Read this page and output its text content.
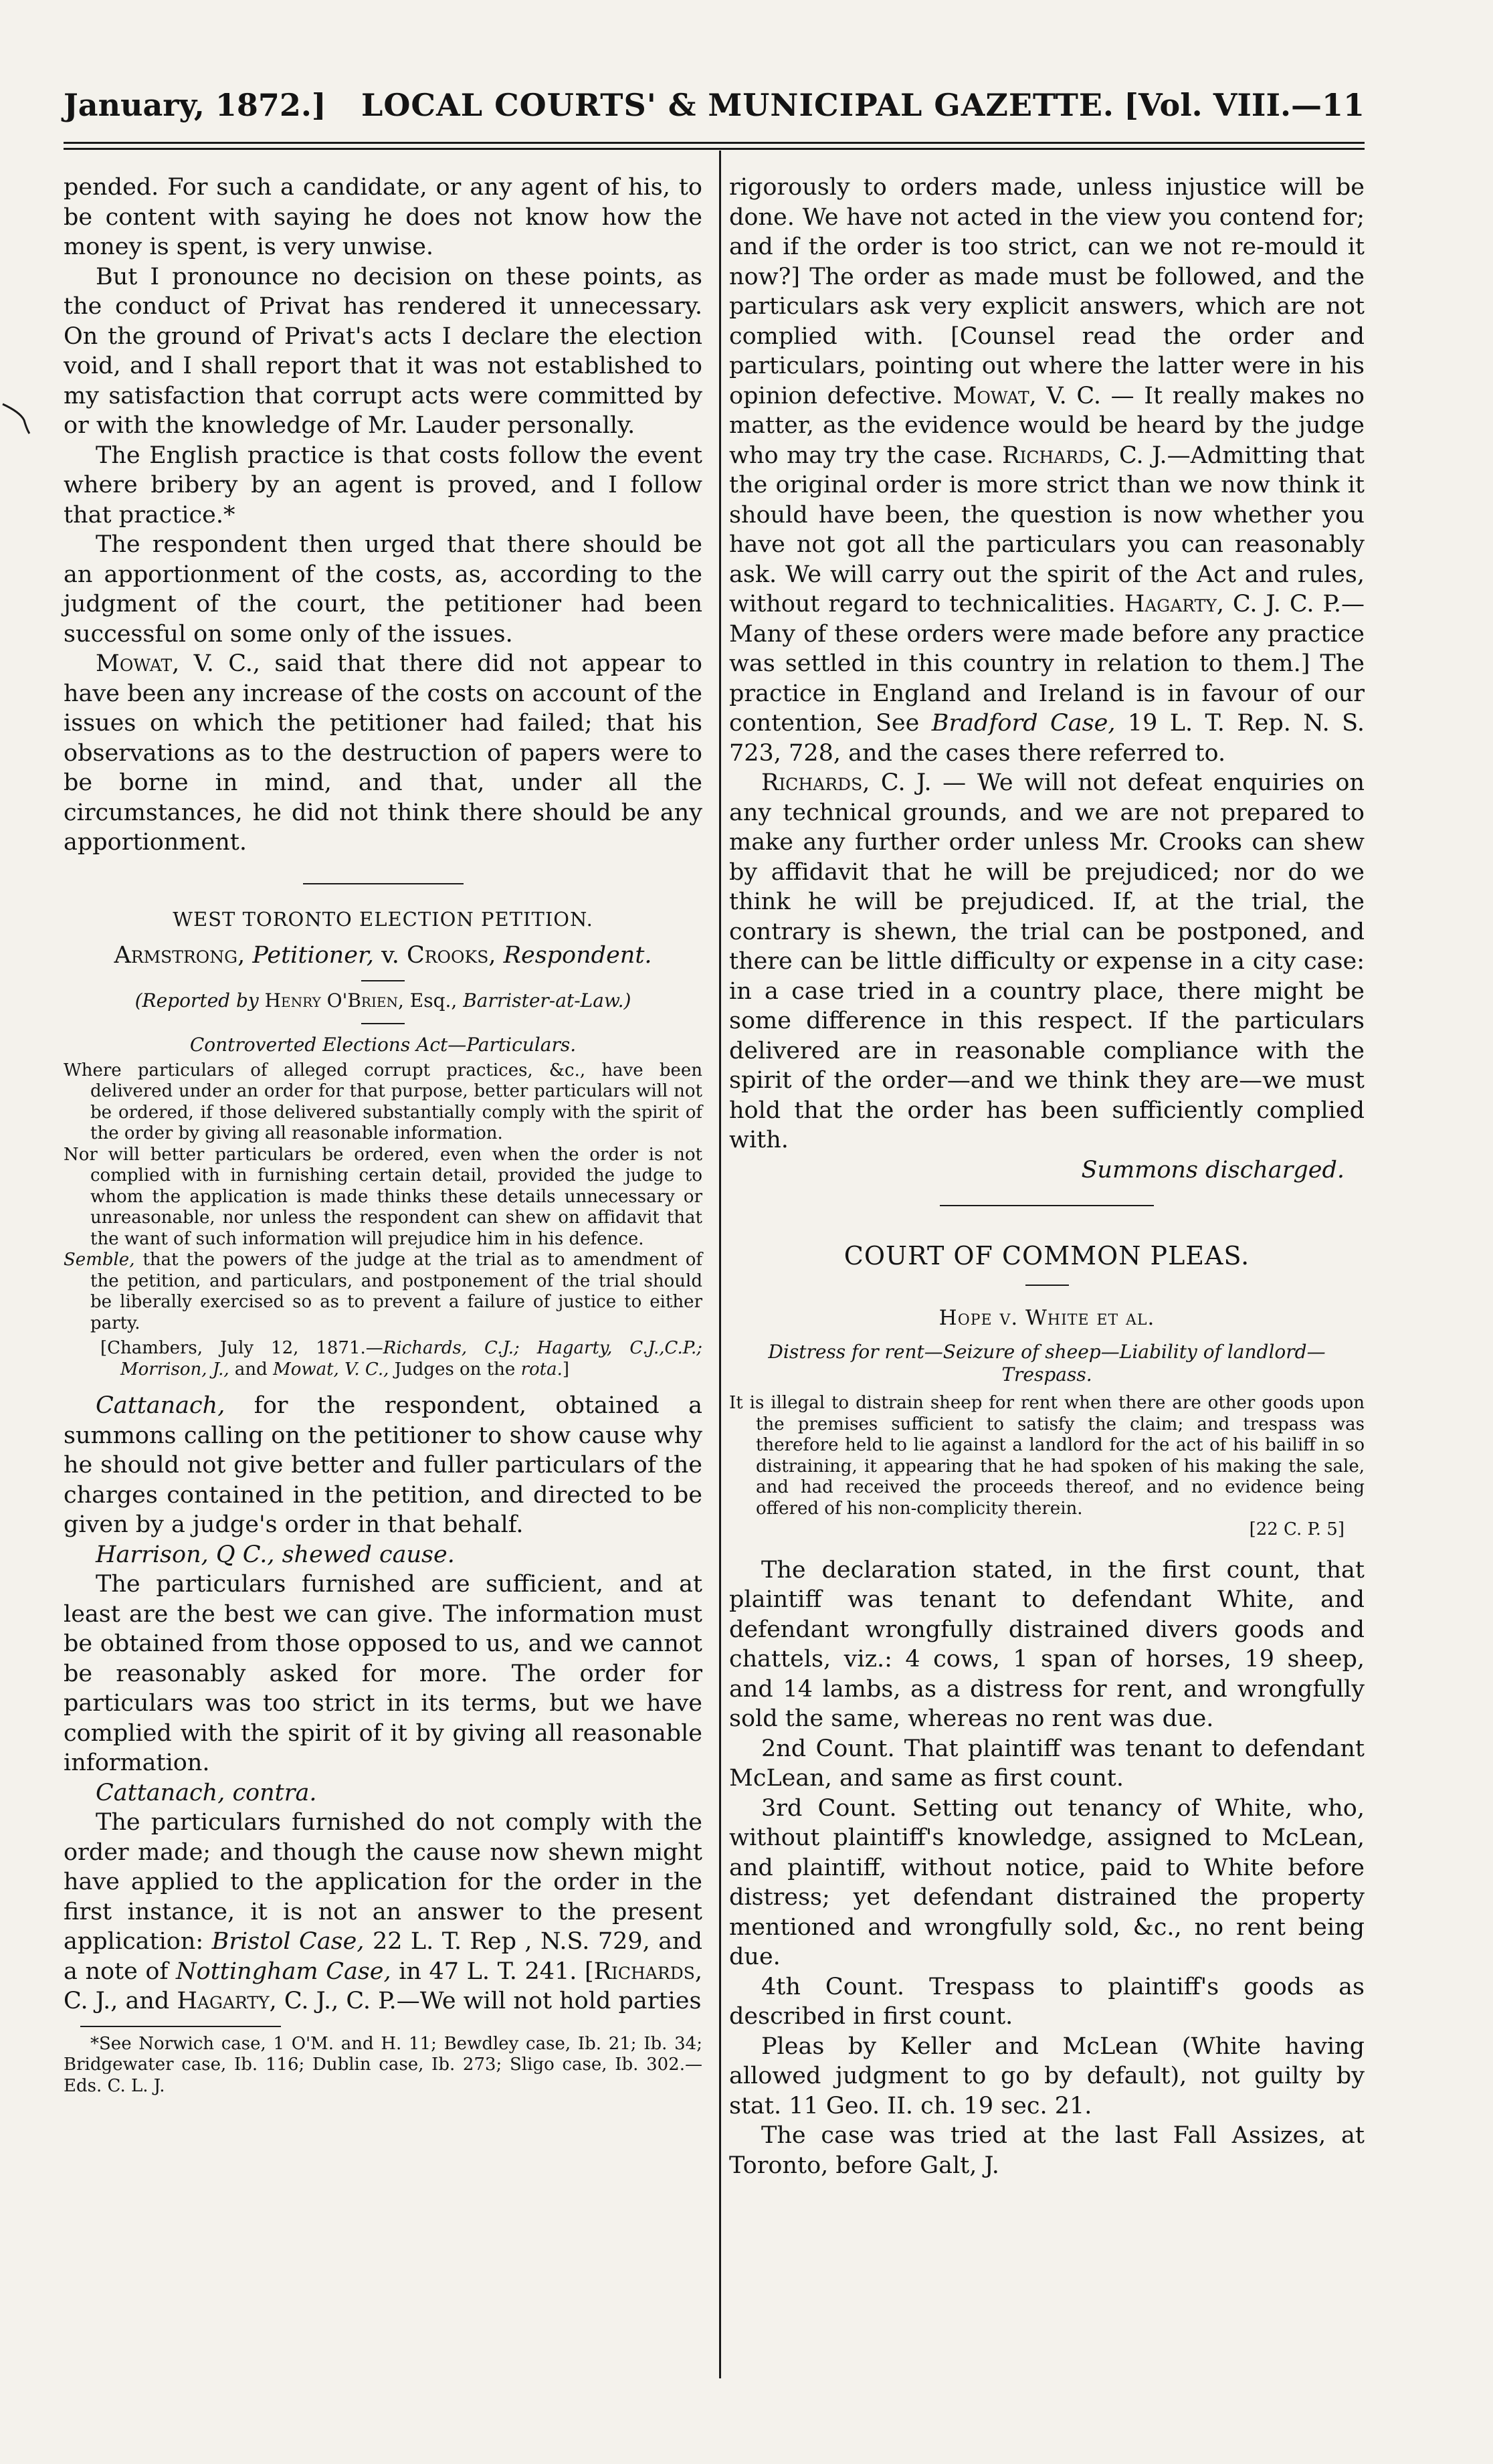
January, 1872.] LOCAL COURTS' & MUNICIPAL GAZETTE. [Vol. VIII.—11

pended. For such a candidate, or any agent of his, to be content with saying he does not know how the money is spent, is very unwise.

But I pronounce no decision on these points, as the conduct of Privat has rendered it unnecessary. On the ground of Privat's acts I declare the election void, and I shall report that it was not established to my satisfaction that corrupt acts were committed by or with the knowledge of Mr. Lauder personally.

The English practice is that costs follow the event where bribery by an agent is proved, and I follow that practice.*

The respondent then urged that there should be an apportionment of the costs, as, according to the judgment of the court, the petitioner had been successful on some only of the issues.

Mowat, V. C., said that there did not appear to have been any increase of the costs on account of the issues on which the petitioner had failed; that his observations as to the destruction of papers were to be borne in mind, and that, under all the circumstances, he did not think there should be any apportionment.

WEST TORONTO ELECTION PETITION.

Armstrong, Petitioner, v. Crooks, Respondent.

(Reported by Henry O'Brien, Esq., Barrister-at-Law.)

Controverted Elections Act—Particulars.

Where particulars of alleged corrupt practices, &c., have been delivered under an order for that purpose, better particulars will not be ordered, if those delivered substantially comply with the spirit of the order by giving all reasonable information.

Nor will better particulars be ordered, even when the order is not complied with in furnishing certain detail, provided the judge to whom the application is made thinks these details unnecessary or unreasonable, nor unless the respondent can shew on affidavit that the want of such information will prejudice him in his defence.

Semble, that the powers of the judge at the trial as to amendment of the petition, and particulars, and postponement of the trial should be liberally exercised so as to prevent a failure of justice to either party.

[Chambers, July 12, 1871.—Richards, C.J.; Hagarty, C.J.,C.P.; Morrison, J., and Mowat, V. C., Judges on the rota.]

Cattanach, for the respondent, obtained a summons calling on the petitioner to show cause why he should not give better and fuller particulars of the charges contained in the petition, and directed to be given by a judge's order in that behalf.

Harrison, Q C., shewed cause.

The particulars furnished are sufficient, and at least are the best we can give. The information must be obtained from those opposed to us, and we cannot be reasonably asked for more. The order for particulars was too strict in its terms, but we have complied with the spirit of it by giving all reasonable information.

Cattanach, contra.

The particulars furnished do not comply with the order made; and though the cause now shewn might have applied to the application for the order in the first instance, it is not an answer to the present application: Bristol Case, 22 L. T. Rep , N.S. 729, and a note of Nottingham Case, in 47 L. T. 241. [Richards, C. J., and Hagarty, C. J., C. P.—We will not hold parties

*See Norwich case, 1 O'M. and H. 11; Bewdley case, Ib. 21; Ib. 34; Bridgewater case, Ib. 116; Dublin case, Ib. 273; Sligo case, Ib. 302.—Eds. C. L. J.

rigorously to orders made, unless injustice will be done. We have not acted in the view you contend for; and if the order is too strict, can we not re-mould it now?] The order as made must be followed, and the particulars ask very explicit answers, which are not complied with. [Counsel read the order and particulars, pointing out where the latter were in his opinion defective. Mowat, V. C. — It really makes no matter, as the evidence would be heard by the judge who may try the case. Richards, C. J.—Admitting that the original order is more strict than we now think it should have been, the question is now whether you have not got all the particulars you can reasonably ask. We will carry out the spirit of the Act and rules, without regard to technicalities. Hagarty, C. J. C. P.—Many of these orders were made before any practice was settled in this country in relation to them.] The practice in England and Ireland is in favour of our contention, See Bradford Case, 19 L. T. Rep. N. S. 723, 728, and the cases there referred to.

Richards, C. J. — We will not defeat enquiries on any technical grounds, and we are not prepared to make any further order unless Mr. Crooks can shew by affidavit that he will be prejudiced; nor do we think he will be prejudiced. If, at the trial, the contrary is shewn, the trial can be postponed, and there can be little difficulty or expense in a city case: in a case tried in a country place, there might be some difference in this respect. If the particulars delivered are in reasonable compliance with the spirit of the order—and we think they are—we must hold that the order has been sufficiently complied with.

Summons discharged.

COURT OF COMMON PLEAS.

Hope v. White et al.

Distress for rent—Seizure of sheep—Liability of landlord—Trespass.

It is illegal to distrain sheep for rent when there are other goods upon the premises sufficient to satisfy the claim; and trespass was therefore held to lie against a landlord for the act of his bailiff in so distraining, it appearing that he had spoken of his making the sale, and had received the proceeds thereof, and no evidence being offered of his non-complicity therein.

[22 C. P. 5]

The declaration stated, in the first count, that plaintiff was tenant to defendant White, and defendant wrongfully distrained divers goods and chattels, viz.: 4 cows, 1 span of horses, 19 sheep, and 14 lambs, as a distress for rent, and wrongfully sold the same, whereas no rent was due.

2nd Count. That plaintiff was tenant to defendant McLean, and same as first count.

3rd Count. Setting out tenancy of White, who, without plaintiff's knowledge, assigned to McLean, and plaintiff, without notice, paid to White before distress; yet defendant distrained the property mentioned and wrongfully sold, &c., no rent being due.

4th Count. Trespass to plaintiff's goods as described in first count.

Pleas by Keller and McLean (White having allowed judgment to go by default), not guilty by stat. 11 Geo. II. ch. 19 sec. 21.

The case was tried at the last Fall Assizes, at Toronto, before Galt, J.
